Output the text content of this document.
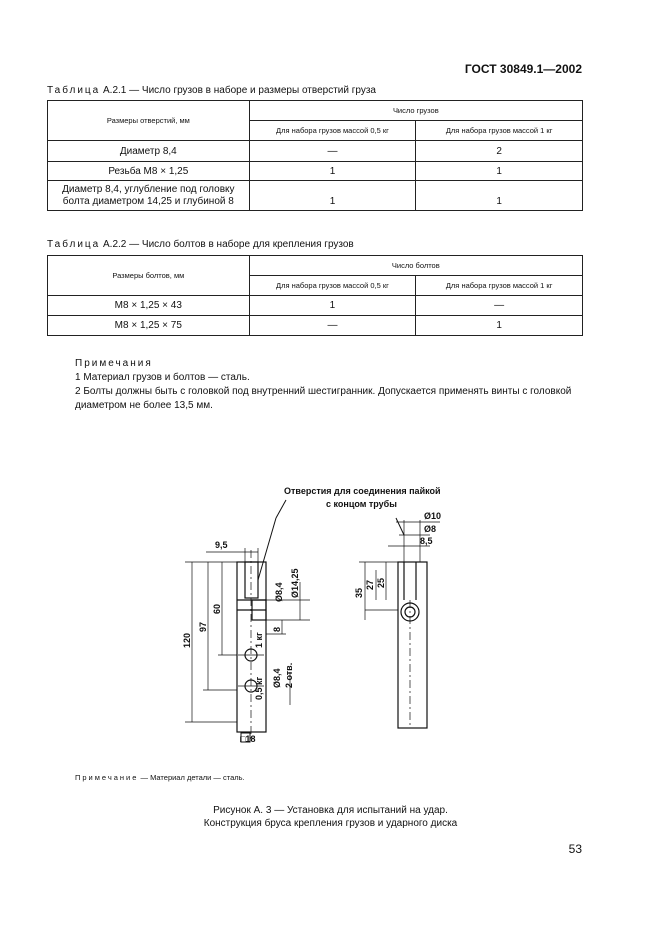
ГОСТ 30849.1—2002
Таблица А.2.1 — Число грузов в наборе и размеры отверстий груза
Размеры отверстий, мм	Число грузов	
	Для набора грузов массой 0,5 кг	Для набора грузов массой 1 кг
Диаметр 8,4	—	2
Резьба М8 × 1,25	1	1
Диаметр 8,4, углубление под головку
болта диаметром 14,25 и глубиной 8	1	1
Таблица А.2.2 — Число болтов в наборе для крепления грузов
Размеры болтов, мм	Число болтов	
	Для набора грузов массой 0,5 кг	Для набора грузов массой 1 кг
М8 × 1,25 × 43	1	—
М8 × 1,25 × 75	—	1
Примечания
1 Материал грузов и болтов — сталь.
2 Болты должны быть с головкой под внутренний шестигранник. Допускается применять винты с головкой диаметром не более 13,5 мм.
Отверстия для соединения пайкой
с концом трубы
9,5
Ø10
Ø8
8,5
□18
120
97
60
Ø8,4 Ø14,25
8
1 кг
Ø8,4 2 отв.
0,5 кг
35
27 25
Примечание — Материал детали — сталь.
Рисунок А. 3 — Установка для испытаний на удар.
Конструкция бруса крепления грузов и ударного диска
53
